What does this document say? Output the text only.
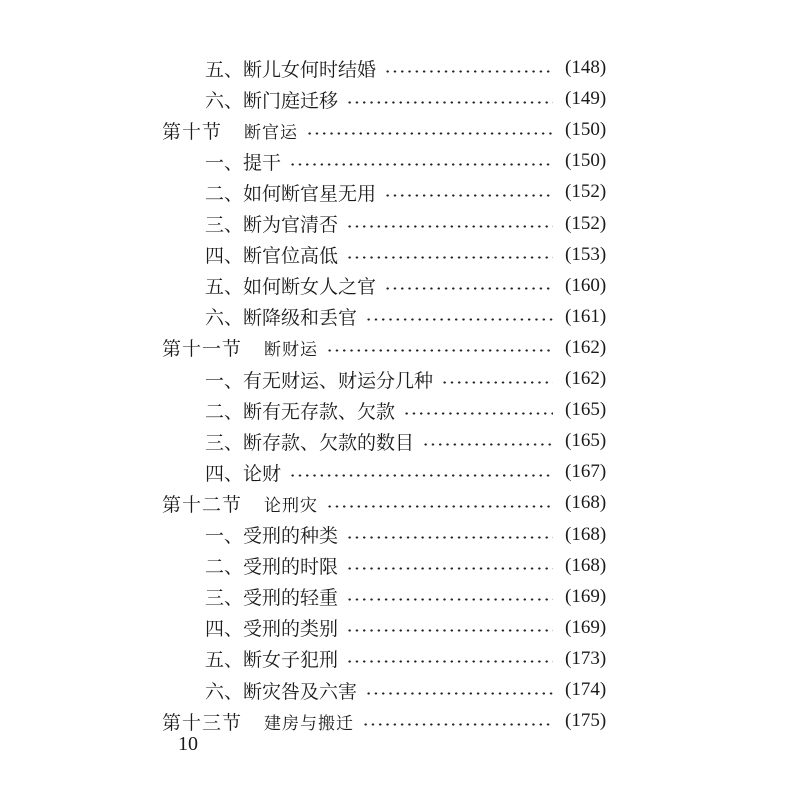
五、断儿女何时结婚	(148)
六、断门庭迁移	(149)
第十节 断官运	(150)
一、提干	(150)
二、如何断官星无用	(152)
三、断为官清否	(152)
四、断官位高低	(153)
五、如何断女人之官	(160)
六、断降级和丢官	(161)
第十一节 断财运	(162)
一、有无财运、财运分几种	(162)
二、断有无存款、欠款	(165)
三、断存款、欠款的数目	(165)
四、论财	(167)
第十二节 论刑灾	(168)
一、受刑的种类	(168)
二、受刑的时限	(168)
三、受刑的轻重	(169)
四、受刑的类别	(169)
五、断女子犯刑	(173)
六、断灾咎及六害	(174)
第十三节 建房与搬迁	(175)
10
